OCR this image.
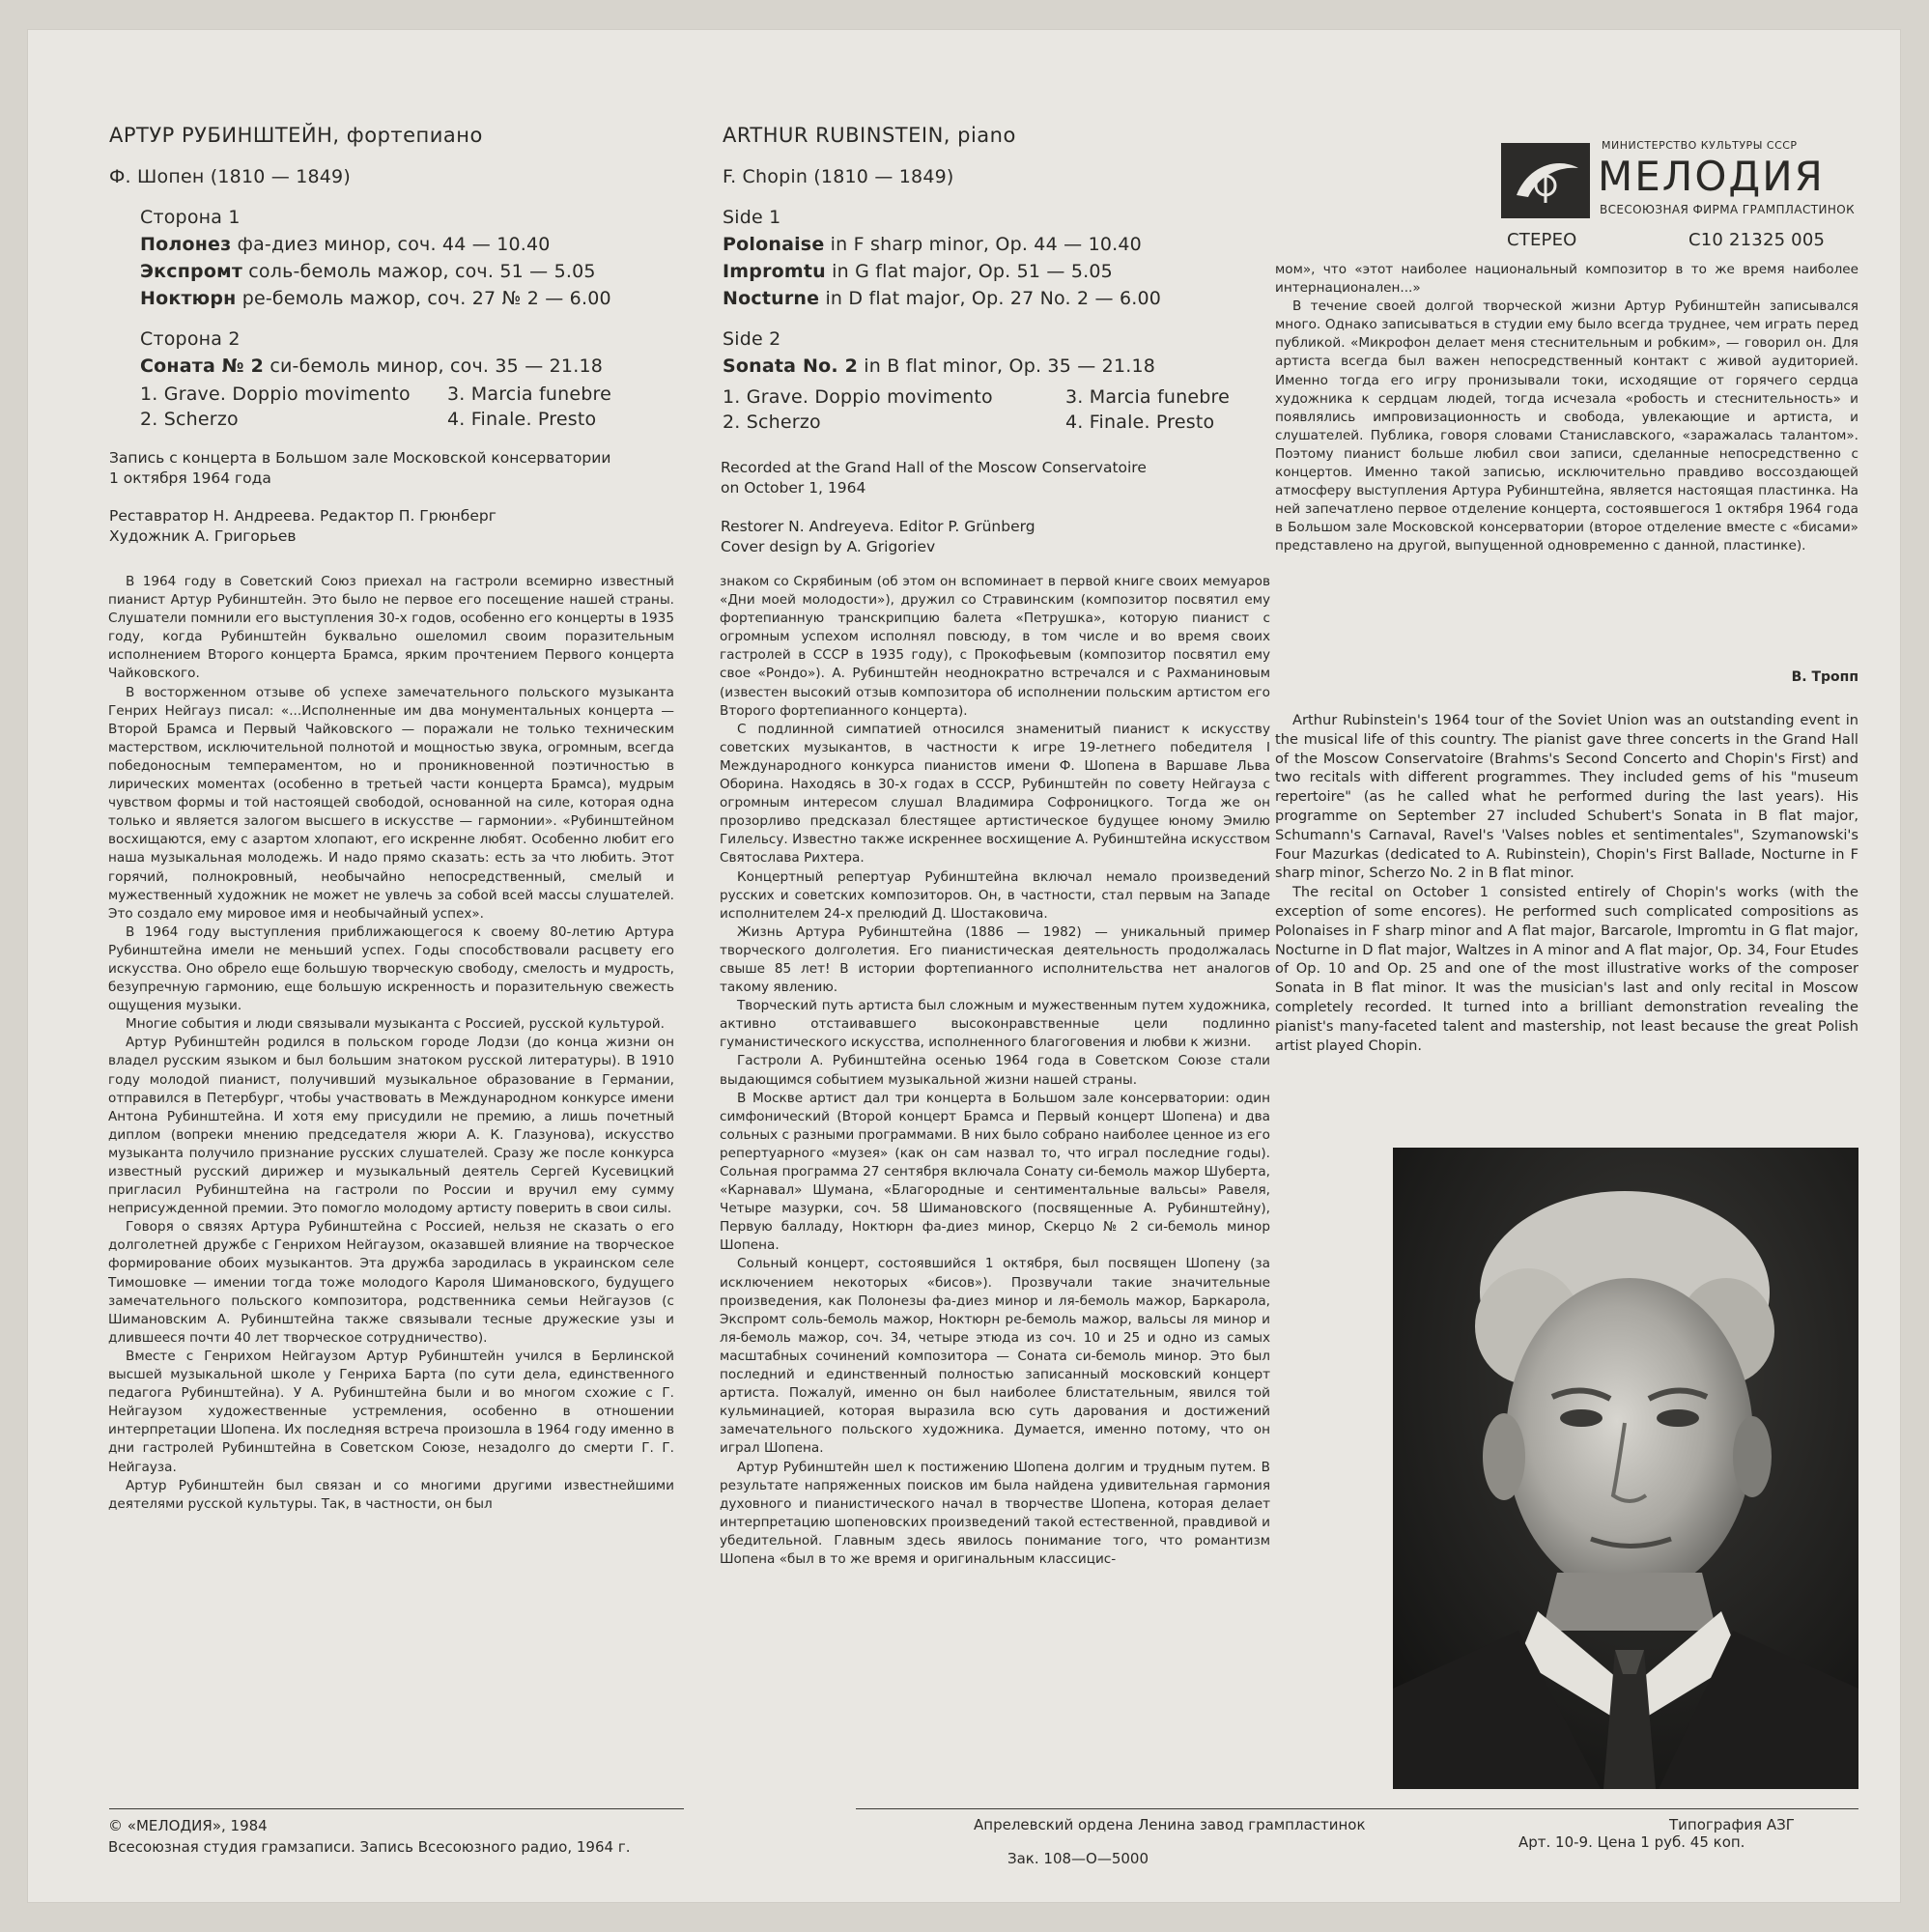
АРТУР РУБИНШТЕЙН, фортепиано
Ф. Шопен (1810 — 1849)
Сторона 1
Полонез фа-диез минор, соч. 44 — 10.40
Экспромт соль-бемоль мажор, соч. 51 — 5.05
Ноктюрн ре-бемоль мажор, соч. 27 № 2 — 6.00
Сторона 2
Соната № 2 си-бемоль минор, соч. 35 — 21.18
1. Grave. Doppio movimento
2. Scherzo
3. Marcia funebre
4. Finale. Presto
Запись с концерта в Большом зале Московской консерватории
1 октября 1964 года
Реставратор Н. Андреева. Редактор П. Грюнберг
Художник А. Григорьев
ARTHUR RUBINSTEIN, piano
F. Chopin (1810 — 1849)
Side 1
Polonaise in F sharp minor, Op. 44 — 10.40
Impromtu in G flat major, Op. 51 — 5.05
Nocturne in D flat major, Op. 27 No. 2 — 6.00
Side 2
Sonata No. 2 in B flat minor, Op. 35 — 21.18
1. Grave. Doppio movimento
2. Scherzo
3. Marcia funebre
4. Finale. Presto
Recorded at the Grand Hall of the Moscow Conservatoire
on October 1, 1964
Restorer N. Andreyeva. Editor P. Grünberg
Cover design by A. Grigoriev
МИНИСТЕРСТВО КУЛЬТУРЫ СССР
МЕЛОДИЯ
ВСЕСОЮЗНАЯ ФИРМА ГРАМПЛАСТИНОК
СТЕРЕО	С10 21325 005

В 1964 году в Советский Союз приехал на гастроли всемирно известный пианист Артур Рубинштейн. Это было не первое его посещение нашей страны. Слушатели помнили его выступления 30-х годов, особенно его концерты в 1935 году, когда Рубинштейн буквально ошеломил своим поразительным исполнением Второго концерта Брамса, ярким прочтением Первого концерта Чайковского.

В восторженном отзыве об успехе замечательного польского музыканта Генрих Нейгауз писал: «...Исполненные им два монументальных концерта — Второй Брамса и Первый Чайковского — поражали не только техническим мастерством, исключительной полнотой и мощностью звука, огромным, всегда победоносным темпераментом, но и проникновенной поэтичностью в лирических моментах (особенно в третьей части концерта Брамса), мудрым чувством формы и той настоящей свободой, основанной на силе, которая одна только и является залогом высшего в искусстве — гармонии». «Рубинштейном восхищаются, ему с азартом хлопают, его искренне любят. Особенно любит его наша музыкальная молодежь. И надо прямо сказать: есть за что любить. Этот горячий, полнокровный, необычайно непосредственный, смелый и мужественный художник не может не увлечь за собой всей массы слушателей. Это создало ему мировое имя и необычайный успех».

В 1964 году выступления приближающегося к своему 80-летию Артура Рубинштейна имели не меньший успех. Годы способствовали расцвету его искусства. Оно обрело еще большую творческую свободу, смелость и мудрость, безупречную гармонию, еще большую искренность и поразительную свежесть ощущения музыки.

Многие события и люди связывали музыканта с Россией, русской культурой.

Артур Рубинштейн родился в польском городе Лодзи (до конца жизни он владел русским языком и был большим знатоком русской литературы). В 1910 году молодой пианист, получивший музыкальное образование в Германии, отправился в Петербург, чтобы участвовать в Международном конкурсе имени Антона Рубинштейна. И хотя ему присудили не премию, а лишь почетный диплом (вопреки мнению председателя жюри А. К. Глазунова), искусство музыканта получило признание русских слушателей. Сразу же после конкурса известный русский дирижер и музыкальный деятель Сергей Кусевицкий пригласил Рубинштейна на гастроли по России и вручил ему сумму неприсужденной премии. Это помогло молодому артисту поверить в свои силы.

Говоря о связях Артура Рубинштейна с Россией, нельзя не сказать о его долголетней дружбе с Генрихом Нейгаузом, оказавшей влияние на творческое формирование обоих музыкантов. Эта дружба зародилась в украинском селе Тимошовке — имении тогда тоже молодого Кароля Шимановского, будущего замечательного польского композитора, родственника семьи Нейгаузов (с Шимановским А. Рубинштейна также связывали тесные дружеские узы и длившееся почти 40 лет творческое сотрудничество).

Вместе с Генрихом Нейгаузом Артур Рубинштейн учился в Берлинской высшей музыкальной школе у Генриха Барта (по сути дела, единственного педагога Рубинштейна). У А. Рубинштейна были и во многом схожие с Г. Нейгаузом художественные устремления, особенно в отношении интерпретации Шопена. Их последняя встреча произошла в 1964 году именно в дни гастролей Рубинштейна в Советском Союзе, незадолго до смерти Г. Г. Нейгауза.

Артур Рубинштейн был связан и со многими другими известнейшими деятелями русской культуры. Так, в частности, он был

знаком со Скрябиным (об этом он вспоминает в первой книге своих мемуаров «Дни моей молодости»), дружил со Стравинским (композитор посвятил ему фортепианную транскрипцию балета «Петрушка», которую пианист с огромным успехом исполнял повсюду, в том числе и во время своих гастролей в СССР в 1935 году), с Прокофьевым (композитор посвятил ему свое «Рондо»). А. Рубинштейн неоднократно встречался и с Рахманиновым (известен высокий отзыв композитора об исполнении польским артистом его Второго фортепианного концерта).

С подлинной симпатией относился знаменитый пианист к искусству советских музыкантов, в частности к игре 19-летнего победителя I Международного конкурса пианистов имени Ф. Шопена в Варшаве Льва Оборина. Находясь в 30-х годах в СССР, Рубинштейн по совету Нейгауза с огромным интересом слушал Владимира Софроницкого. Тогда же он прозорливо предсказал блестящее артистическое будущее юному Эмилю Гилельсу. Известно также искреннее восхищение А. Рубинштейна искусством Святослава Рихтера.

Концертный репертуар Рубинштейна включал немало произведений русских и советских композиторов. Он, в частности, стал первым на Западе исполнителем 24-х прелюдий Д. Шостаковича.

Жизнь Артура Рубинштейна (1886 — 1982) — уникальный пример творческого долголетия. Его пианистическая деятельность продолжалась свыше 85 лет! В истории фортепианного исполнительства нет аналогов такому явлению.

Творческий путь артиста был сложным и мужественным путем художника, активно отстаивавшего высоконравственные цели подлинно гуманистического искусства, исполненного благоговения и любви к жизни.

Гастроли А. Рубинштейна осенью 1964 года в Советском Союзе стали выдающимся событием музыкальной жизни нашей страны.

В Москве артист дал три концерта в Большом зале консерватории: один симфонический (Второй концерт Брамса и Первый концерт Шопена) и два сольных с разными программами. В них было собрано наиболее ценное из его репертуарного «музея» (как он сам назвал то, что играл последние годы). Сольная программа 27 сентября включала Сонату си-бемоль мажор Шуберта, «Карнавал» Шумана, «Благородные и сентиментальные вальсы» Равеля, Четыре мазурки, соч. 58 Шимановского (посвященные А. Рубинштейну), Первую балладу, Ноктюрн фа-диез минор, Скерцо № 2 си-бемоль минор Шопена.

Сольный концерт, состоявшийся 1 октября, был посвящен Шопену (за исключением некоторых «бисов»). Прозвучали такие значительные произведения, как Полонезы фа-диез минор и ля-бемоль мажор, Баркарола, Экспромт соль-бемоль мажор, Ноктюрн ре-бемоль мажор, вальсы ля минор и ля-бемоль мажор, соч. 34, четыре этюда из соч. 10 и 25 и одно из самых масштабных сочинений композитора — Соната си-бемоль минор. Это был последний и единственный полностью записанный московский концерт артиста. Пожалуй, именно он был наиболее блистательным, явился той кульминацией, которая выразила всю суть дарования и достижений замечательного польского художника. Думается, именно потому, что он играл Шопена.

Артур Рубинштейн шел к постижению Шопена долгим и трудным путем. В результате напряженных поисков им была найдена удивительная гармония духовного и пианистического начал в творчестве Шопена, которая делает интерпретацию шопеновских произведений такой естественной, правдивой и убедительной. Главным здесь явилось понимание того, что романтизм Шопена «был в то же время и оригинальным классицис-

мом», что «этот наиболее национальный композитор в то же время наиболее интернационален...»

В течение своей долгой творческой жизни Артур Рубинштейн записывался много. Однако записываться в студии ему было всегда труднее, чем играть перед публикой. «Микрофон делает меня стеснительным и робким», — говорил он. Для артиста всегда был важен непосредственный контакт с живой аудиторией. Именно тогда его игру пронизывали токи, исходящие от горячего сердца художника к сердцам людей, тогда исчезала «робость и стеснительность» и появлялись импровизационность и свобода, увлекающие и артиста, и слушателей. Публика, говоря словами Станиславского, «заражалась талантом». Поэтому пианист больше любил свои записи, сделанные непосредственно с концертов. Именно такой записью, исключительно правдиво воссоздающей атмосферу выступления Артура Рубинштейна, является настоящая пластинка. На ней запечатлено первое отделение концерта, состоявшегося 1 октября 1964 года в Большом зале Московской консерватории (второе отделение вместе с «бисами» представлено на другой, выпущенной одновременно с данной, пластинке).

В. Тропп

Arthur Rubinstein's 1964 tour of the Soviet Union was an outstanding event in the musical life of this country. The pianist gave three concerts in the Grand Hall of the Moscow Conservatoire (Brahms's Second Concerto and Chopin's First) and two recitals with different programmes. They included gems of his "museum repertoire" (as he called what he performed during the last years). His programme on September 27 included Schubert's Sonata in B flat major, Schumann's Carnaval, Ravel's 'Valses nobles et sentimentales", Szymanowski's Four Mazurkas (dedicated to A. Rubinstein), Chopin's First Ballade, Nocturne in F sharp minor, Scherzo No. 2 in B flat minor.

The recital on October 1 consisted entirely of Chopin's works (with the exception of some encores). He performed such complicated compositions as Polonaises in F sharp minor and A flat major, Barcarole, Impromtu in G flat major, Nocturne in D flat major, Waltzes in A minor and A flat major, Op. 34, Four Etudes of Op. 10 and Op. 25 and one of the most illustrative works of the composer Sonata in B flat minor. It was the musician's last and only recital in Moscow completely recorded. It turned into a brilliant demonstration revealing the pianist's many-faceted talent and mastership, not least because the great Polish artist played Chopin.

© «МЕЛОДИЯ», 1984
Всесоюзная студия грамзаписи. Запись Всесоюзного радио, 1964 г.
Апрелевский ордена Ленина завод грампластинок
Зак. 108—О—5000
Типография АЗГ
Арт. 10-9. Цена 1 руб. 45 коп.
